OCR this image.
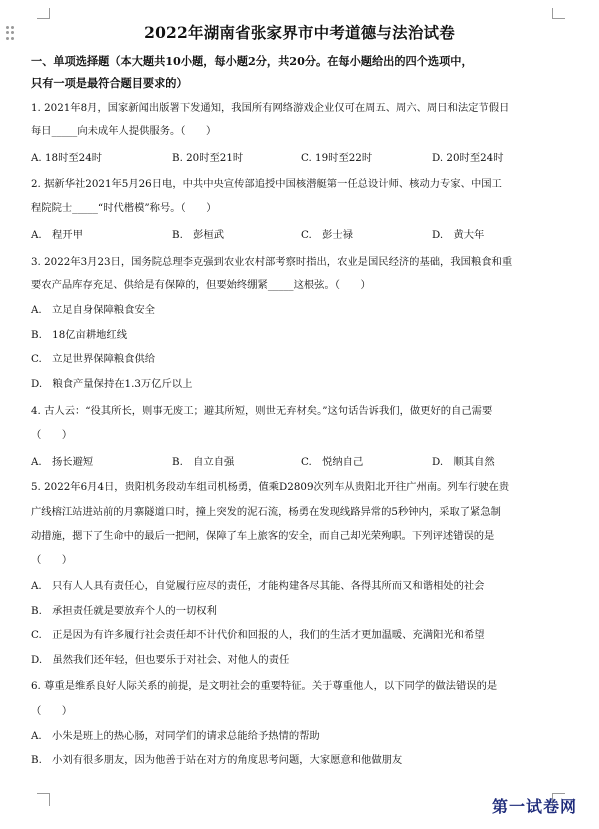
2022年湖南省张家界市中考道德与法治试卷
一、单项选择题（本大题共10小题，每小题2分，共20分。在每小题给出的四个选项中，
只有一项是最符合题目要求的）
1. 2021年8月，国家新闻出版署下发通知，我国所有网络游戏企业仅可在周五、周六、周日和法定节假日
每日_____向未成年人提供服务。（　　）
A. 18时至24时	B. 20时至21时	C. 19时至22时	D. 20时至24时
2. 据新华社2021年5月26日电，中共中央宣传部追授中国核潜艇第一任总设计师、核动力专家、中国工
程院院士_____“时代楷模”称号。（　　）
A.　程开甲	B.　彭桓武	C.　彭士禄	D.　黄大年
3. 2022年3月23日，国务院总理李克强到农业农村部考察时指出，农业是国民经济的基础，我国粮食和重
要农产品库存充足、供给是有保障的，但要始终绷紧_____这根弦。（　　）
A.　立足自身保障粮食安全
B.　18亿亩耕地红线
C.　立足世界保障粮食供给
D.　粮食产量保持在1.3万亿斤以上
4. 古人云：“役其所长，则事无废工；避其所短，则世无弃材矣。”这句话告诉我们，做更好的自己需要
（　　）
A.　扬长避短	B.　自立自强	C.　悦纳自己	D.　顺其自然
5. 2022年6月4日，贵阳机务段动车组司机杨勇，值乘D2809次列车从贵阳北开往广州南。列车行驶在贵
广线榕江站进站前的月寨隧道口时，撞上突发的泥石流，杨勇在发现线路异常的5秒钟内，采取了紧急制
动措施，摁下了生命中的最后一把闸，保障了车上旅客的安全，而自己却光荣殉职。下列评述错误的是
（　　）
A.　只有人人具有责任心，自觉履行应尽的责任，才能构建各尽其能、各得其所而又和谐相处的社会
B.　承担责任就是要放弃个人的一切权利
C.　正是因为有许多履行社会责任却不计代价和回报的人，我们的生活才更加温暖、充满阳光和希望
D.　虽然我们还年轻，但也要乐于对社会、对他人的责任
6. 尊重是维系良好人际关系的前提，是文明社会的重要特征。关于尊重他人，以下同学的做法错误的是
（　　）
A.　小朱是班上的热心肠，对同学们的请求总能给予热情的帮助
B.　小刘有很多朋友，因为他善于站在对方的角度思考问题，大家愿意和他做朋友
第一试卷网
